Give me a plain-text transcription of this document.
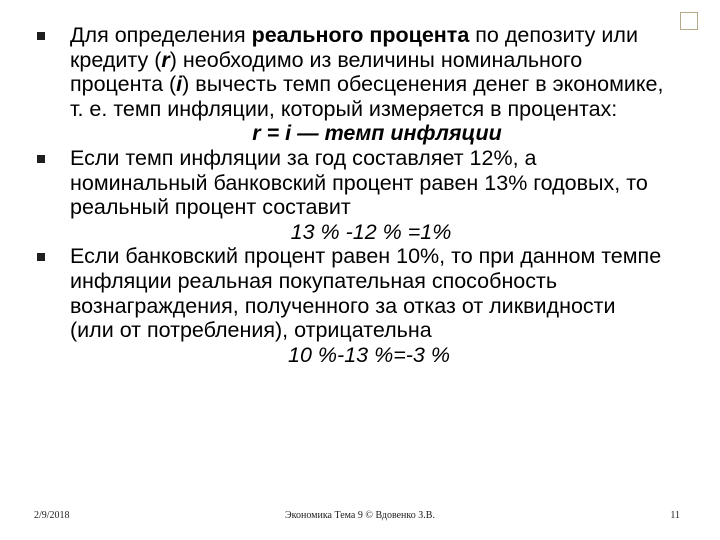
Для определения реального процента по депозиту или кредиту (r) необходимо из величины номинального процента (i) вычесть темп обесценения денег в экономике, т. е. темп инфляции, который измеряется в процентах:
r = i — темп инфляции
Если темп инфляции за год составляет 12%, а номинальный банковский процент равен 13% годовых, то реальный процент составит
13 % -12 % =1%
Если банковский процент равен 10%, то при данном темпе инфляции реальная покупательная способность вознаграждения, полученного за отказ от ликвидности (или от потребления), отрицательна
10 %-13 %=-3 %
2/9/2018	Экономика Тема 9 © Вдовенко З.В.	11
